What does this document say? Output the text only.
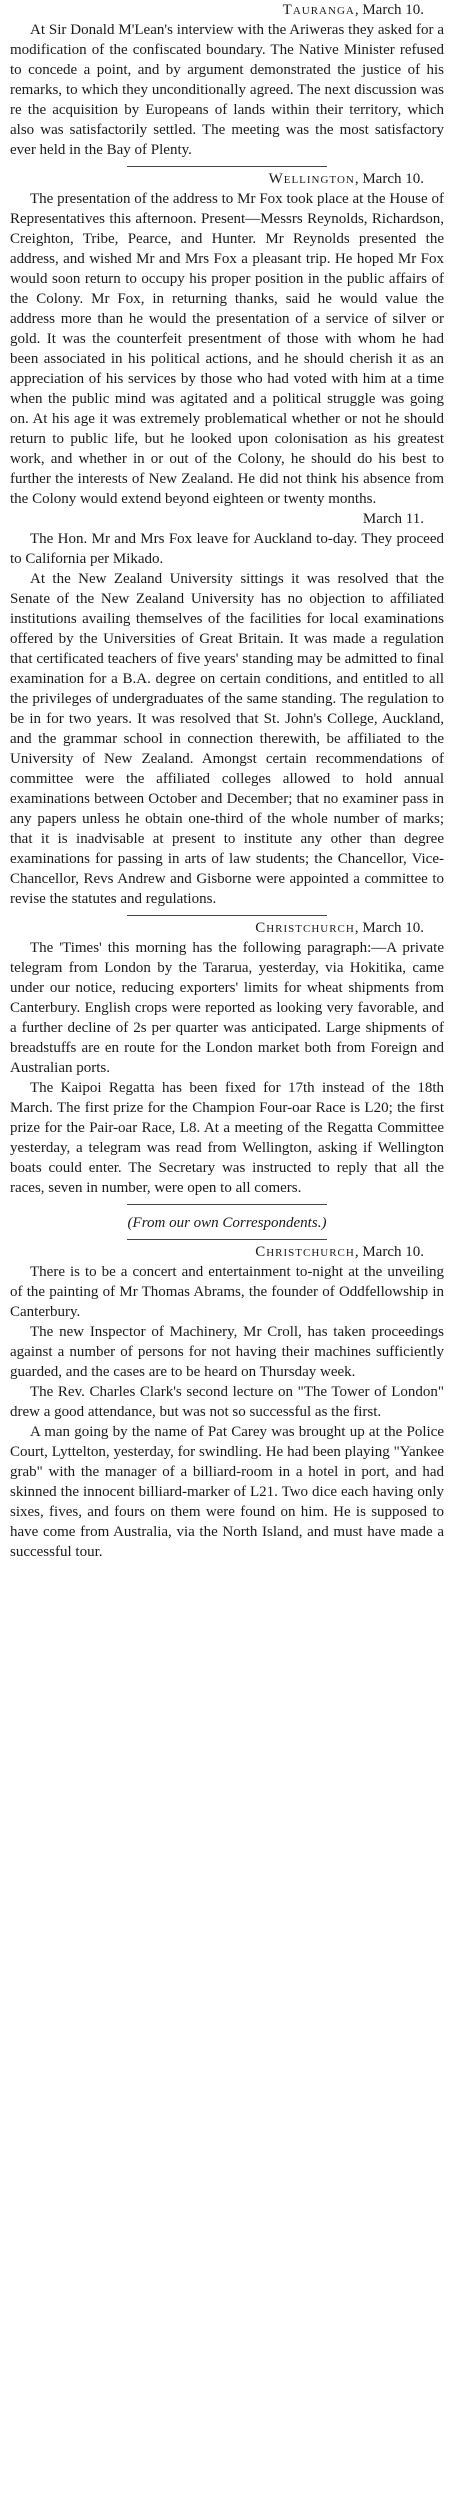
Tauranga, March 10.

At Sir Donald M'Lean's interview with the Ariweras they asked for a modification of the confiscated boundary. The Native Minister refused to concede a point, and by argument demonstrated the justice of his remarks, to which they unconditionally agreed. The next discussion was re the acquisition by Europeans of lands within their territory, which also was satisfactorily settled. The meeting was the most satisfactory ever held in the Bay of Plenty.

Wellington, March 10.

The presentation of the address to Mr Fox took place at the House of Representatives this afternoon. Present—Messrs Reynolds, Richardson, Creighton, Tribe, Pearce, and Hunter. Mr Reynolds presented the address, and wished Mr and Mrs Fox a pleasant trip. He hoped Mr Fox would soon return to occupy his proper position in the public affairs of the Colony. Mr Fox, in returning thanks, said he would value the address more than he would the presentation of a service of silver or gold. It was the counterfeit presentment of those with whom he had been associated in his political actions, and he should cherish it as an appreciation of his services by those who had voted with him at a time when the public mind was agitated and a political struggle was going on. At his age it was extremely problematical whether or not he should return to public life, but he looked upon colonisation as his greatest work, and whether in or out of the Colony, he should do his best to further the interests of New Zealand. He did not think his absence from the Colony would extend beyond eighteen or twenty months.

March 11.

The Hon. Mr and Mrs Fox leave for Auckland to-day. They proceed to California per Mikado.

At the New Zealand University sittings it was resolved that the Senate of the New Zealand University has no objection to affiliated institutions availing themselves of the facilities for local examinations offered by the Universities of Great Britain. It was made a regulation that certificated teachers of five years' standing may be admitted to final examination for a B.A. degree on certain conditions, and entitled to all the privileges of undergraduates of the same standing. The regulation to be in for two years. It was resolved that St. John's College, Auckland, and the grammar school in connection therewith, be affiliated to the University of New Zealand. Amongst certain recommendations of committee were the affiliated colleges allowed to hold annual examinations between October and December; that no examiner pass in any papers unless he obtain one-third of the whole number of marks; that it is inadvisable at present to institute any other than degree examinations for passing in arts of law students; the Chancellor, Vice-Chancellor, Revs Andrew and Gisborne were appointed a committee to revise the statutes and regulations.

Christchurch, March 10.

The 'Times' this morning has the following paragraph:—A private telegram from London by the Tararua, yesterday, via Hokitika, came under our notice, reducing exporters' limits for wheat shipments from Canterbury. English crops were reported as looking very favorable, and a further decline of 2s per quarter was anticipated. Large shipments of breadstuffs are en route for the London market both from Foreign and Australian ports.

The Kaipoi Regatta has been fixed for 17th instead of the 18th March. The first prize for the Champion Four-oar Race is L20; the first prize for the Pair-oar Race, L8. At a meeting of the Regatta Committee yesterday, a telegram was read from Wellington, asking if Wellington boats could enter. The Secretary was instructed to reply that all the races, seven in number, were open to all comers.

(From our own Correspondents.)

Christchurch, March 10.

There is to be a concert and entertainment to-night at the unveiling of the painting of Mr Thomas Abrams, the founder of Oddfellowship in Canterbury.

The new Inspector of Machinery, Mr Croll, has taken proceedings against a number of persons for not having their machines sufficiently guarded, and the cases are to be heard on Thursday week.

The Rev. Charles Clark's second lecture on "The Tower of London" drew a good attendance, but was not so successful as the first.

A man going by the name of Pat Carey was brought up at the Police Court, Lyttelton, yesterday, for swindling. He had been playing "Yankee grab" with the manager of a billiard-room in a hotel in port, and had skinned the innocent billiard-marker of L21. Two dice each having only sixes, fives, and fours on them were found on him. He is supposed to have come from Australia, via the North Island, and must have made a successful tour.
